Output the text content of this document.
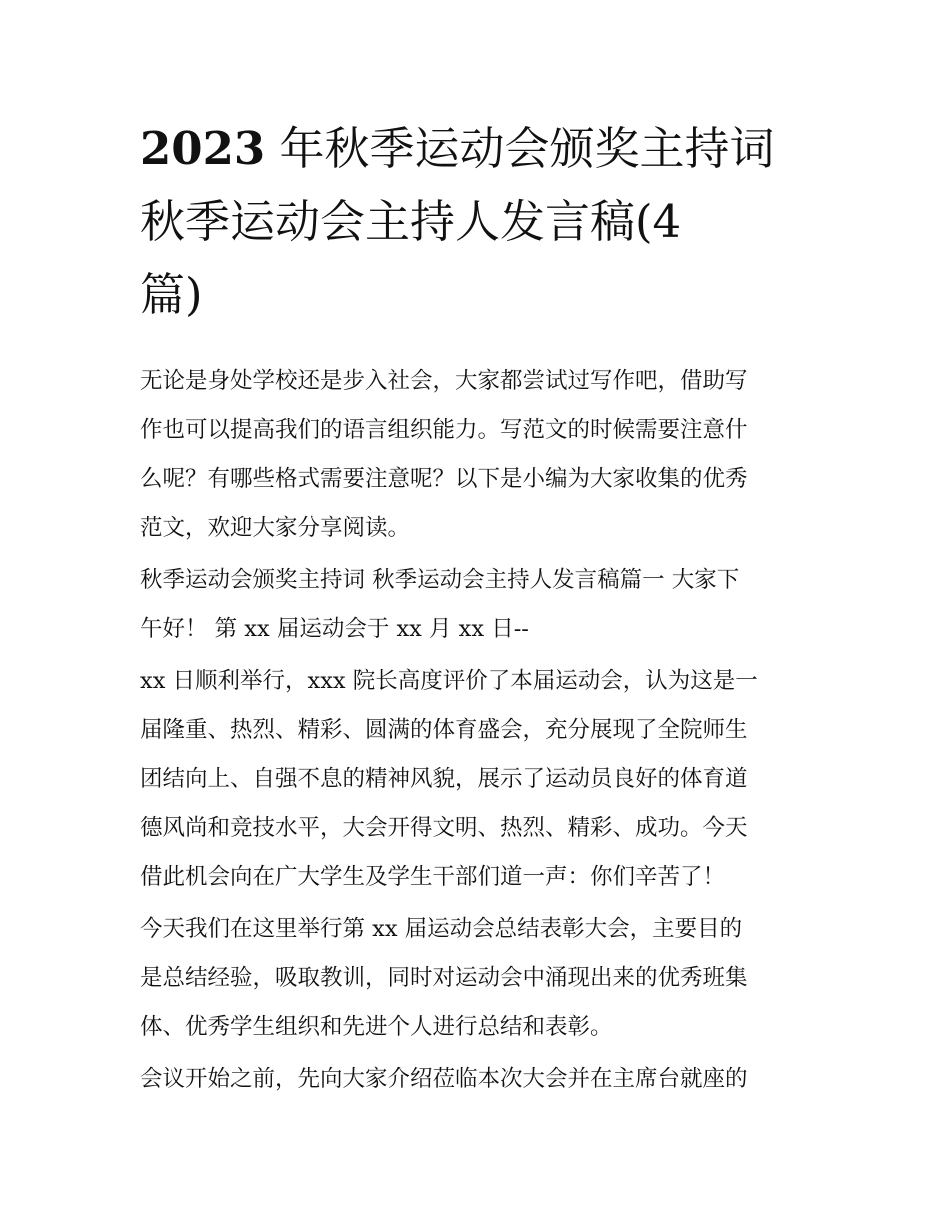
2023 年秋季运动会颁奖主持词
秋季运动会主持人发言稿(4
篇)
无论是身处学校还是步入社会，大家都尝试过写作吧，借助写
作也可以提高我们的语言组织能力。写范文的时候需要注意什
么呢？有哪些格式需要注意呢？以下是小编为大家收集的优秀
范文，欢迎大家分享阅读。
秋季运动会颁奖主持词 秋季运动会主持人发言稿篇一 大家下
午好！ 第 xx 届运动会于 xx 月 xx 日--
xx 日顺利举行，xxx 院长高度评价了本届运动会，认为这是一
届隆重、热烈、精彩、圆满的体育盛会，充分展现了全院师生
团结向上、自强不息的精神风貌，展示了运动员良好的体育道
德风尚和竞技水平，大会开得文明、热烈、精彩、成功。今天
借此机会向在广大学生及学生干部们道一声：你们辛苦了！
今天我们在这里举行第 xx 届运动会总结表彰大会，主要目的
是总结经验，吸取教训，同时对运动会中涌现出来的优秀班集
体、优秀学生组织和先进个人进行总结和表彰。
会议开始之前，先向大家介绍莅临本次大会并在主席台就座的
